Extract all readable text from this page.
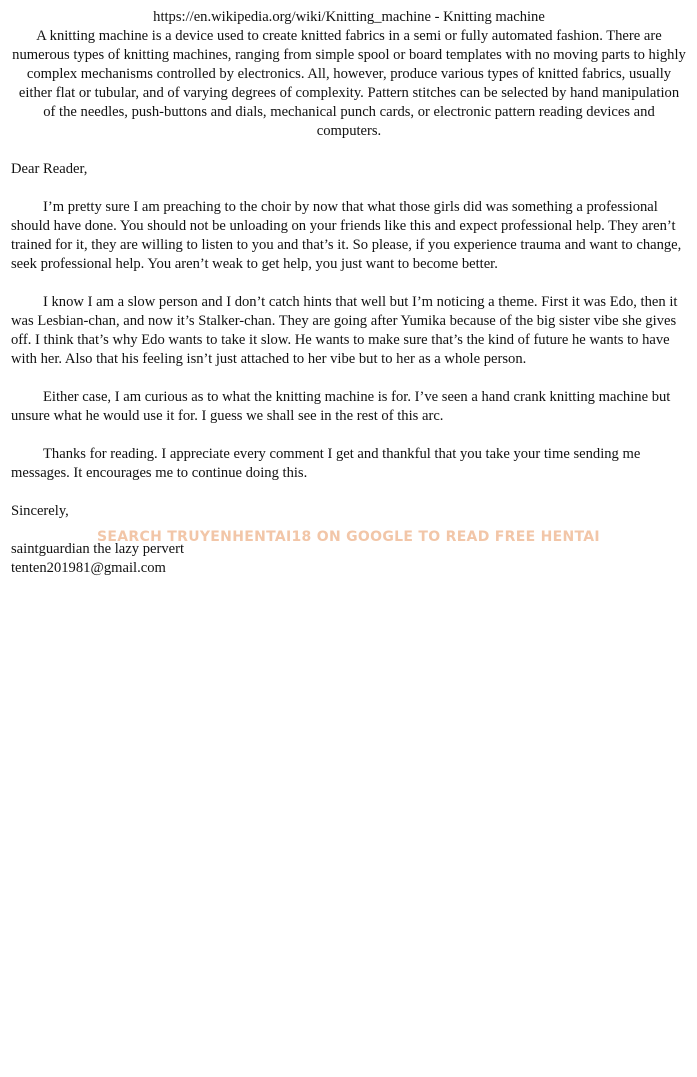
https://en.wikipedia.org/wiki/Knitting_machine - Knitting machine
A knitting machine is a device used to create knitted fabrics in a semi or fully automated fashion. There are numerous types of knitting machines, ranging from simple spool or board templates with no moving parts to highly complex mechanisms controlled by electronics. All, however, produce various types of knitted fabrics, usually either flat or tubular, and of varying degrees of complexity. Pattern stitches can be selected by hand manipulation of the needles, push-buttons and dials, mechanical punch cards, or electronic pattern reading devices and computers.

Dear Reader,

I’m pretty sure I am preaching to the choir by now that what those girls did was something a professional should have done. You should not be unloading on your friends like this and expect professional help. They aren’t trained for it, they are willing to listen to you and that’s it. So please, if you experience trauma and want to change, seek professional help. You aren’t weak to get help, you just want to become better.

I know I am a slow person and I don’t catch hints that well but I’m noticing a theme. First it was Edo, then it was Lesbian-chan, and now it’s Stalker-chan. They are going after Yumika because of the big sister vibe she gives off. I think that’s why Edo wants to take it slow. He wants to make sure that’s the kind of future he wants to have with her. Also that his feeling isn’t just attached to her vibe but to her as a whole person.

Either case, I am curious as to what the knitting machine is for. I’ve seen a hand crank knitting machine but unsure what he would use it for. I guess we shall see in the rest of this arc.

Thanks for reading. I appreciate every comment I get and thankful that you take your time sending me messages. It encourages me to continue doing this.

Sincerely,

saintguardian the lazy pervert

tenten201981@gmail.com

SEARCH TRUYENHENTAI18 ON GOOGLE TO READ FREE HENTAI
